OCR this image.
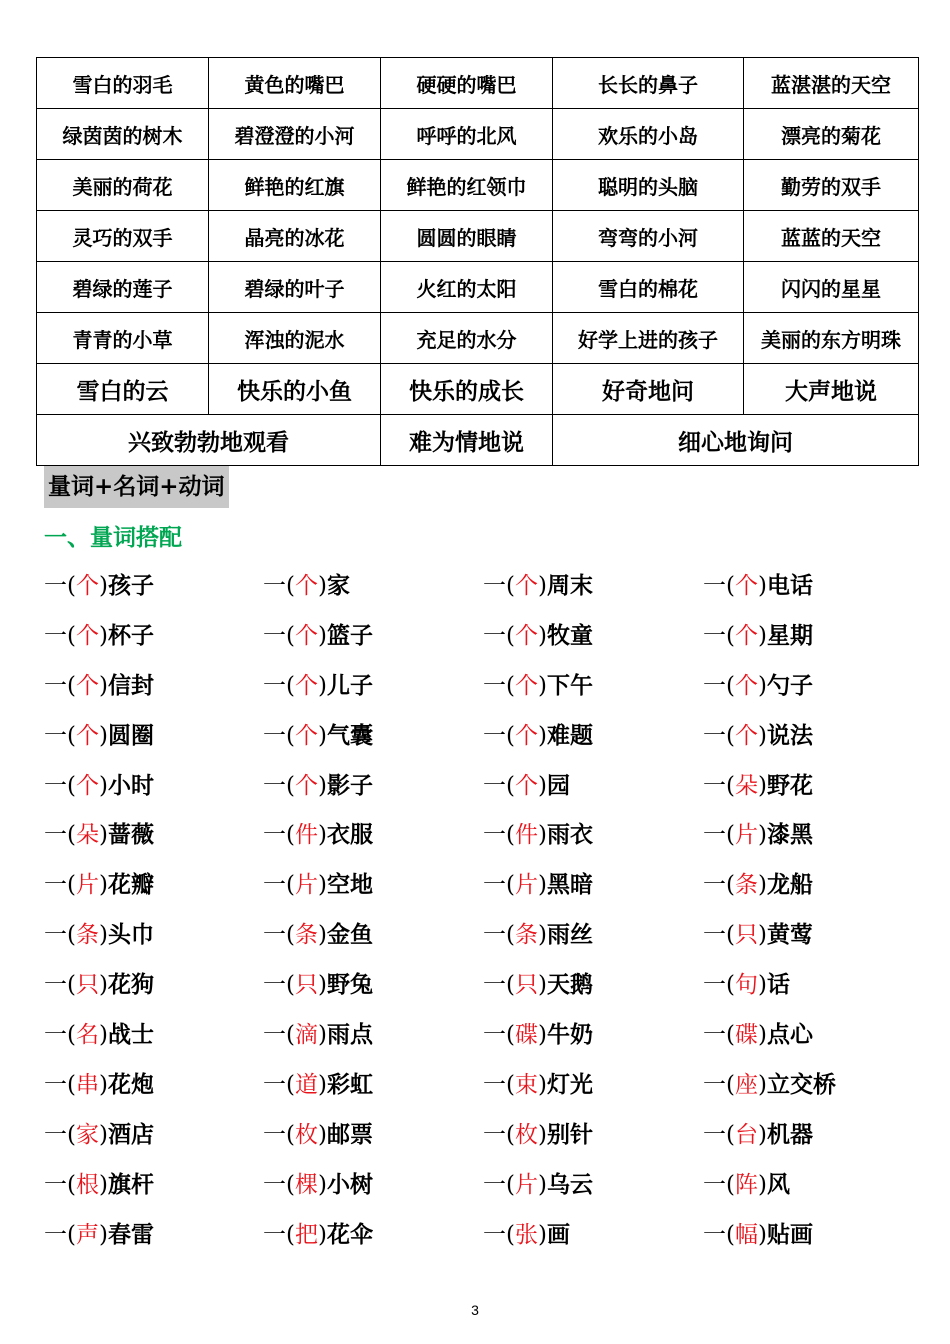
雪白的羽毛	黄色的嘴巴	硬硬的嘴巴	长长的鼻子	蓝湛湛的天空
绿茵茵的树木	碧澄澄的小河	呼呼的北风	欢乐的小岛	漂亮的菊花
美丽的荷花	鲜艳的红旗	鲜艳的红领巾	聪明的头脑	勤劳的双手
灵巧的双手	晶亮的冰花	圆圆的眼睛	弯弯的小河	蓝蓝的天空
碧绿的莲子	碧绿的叶子	火红的太阳	雪白的棉花	闪闪的星星
青青的小草	浑浊的泥水	充足的水分	好学上进的孩子	美丽的东方明珠
雪白的云	快乐的小鱼	快乐的成长	好奇地问	大声地说
兴致勃勃地观看		难为情地说	细心地询问	
量词+名词+动词
一、量词搭配
一(个)孩子	一(个)家	一(个)周末	一(个)电话
一(个)杯子	一(个)篮子	一(个)牧童	一(个)星期
一(个)信封	一(个)儿子	一(个)下午	一(个)勺子
一(个)圆圈	一(个)气囊	一(个)难题	一(个)说法
一(个)小时	一(个)影子	一(个)园	一(朵)野花
一(朵)蔷薇	一(件)衣服	一(件)雨衣	一(片)漆黑
一(片)花瓣	一(片)空地	一(片)黑暗	一(条)龙船
一(条)头巾	一(条)金鱼	一(条)雨丝	一(只)黄莺
一(只)花狗	一(只)野兔	一(只)天鹅	一(句)话
一(名)战士	一(滴)雨点	一(碟)牛奶	一(碟)点心
一(串)花炮	一(道)彩虹	一(束)灯光	一(座)立交桥
一(家)酒店	一(枚)邮票	一(枚)别针	一(台)机器
一(根)旗杆	一(棵)小树	一(片)乌云	一(阵)风
一(声)春雷	一(把)花伞	一(张)画	一(幅)贴画
3
